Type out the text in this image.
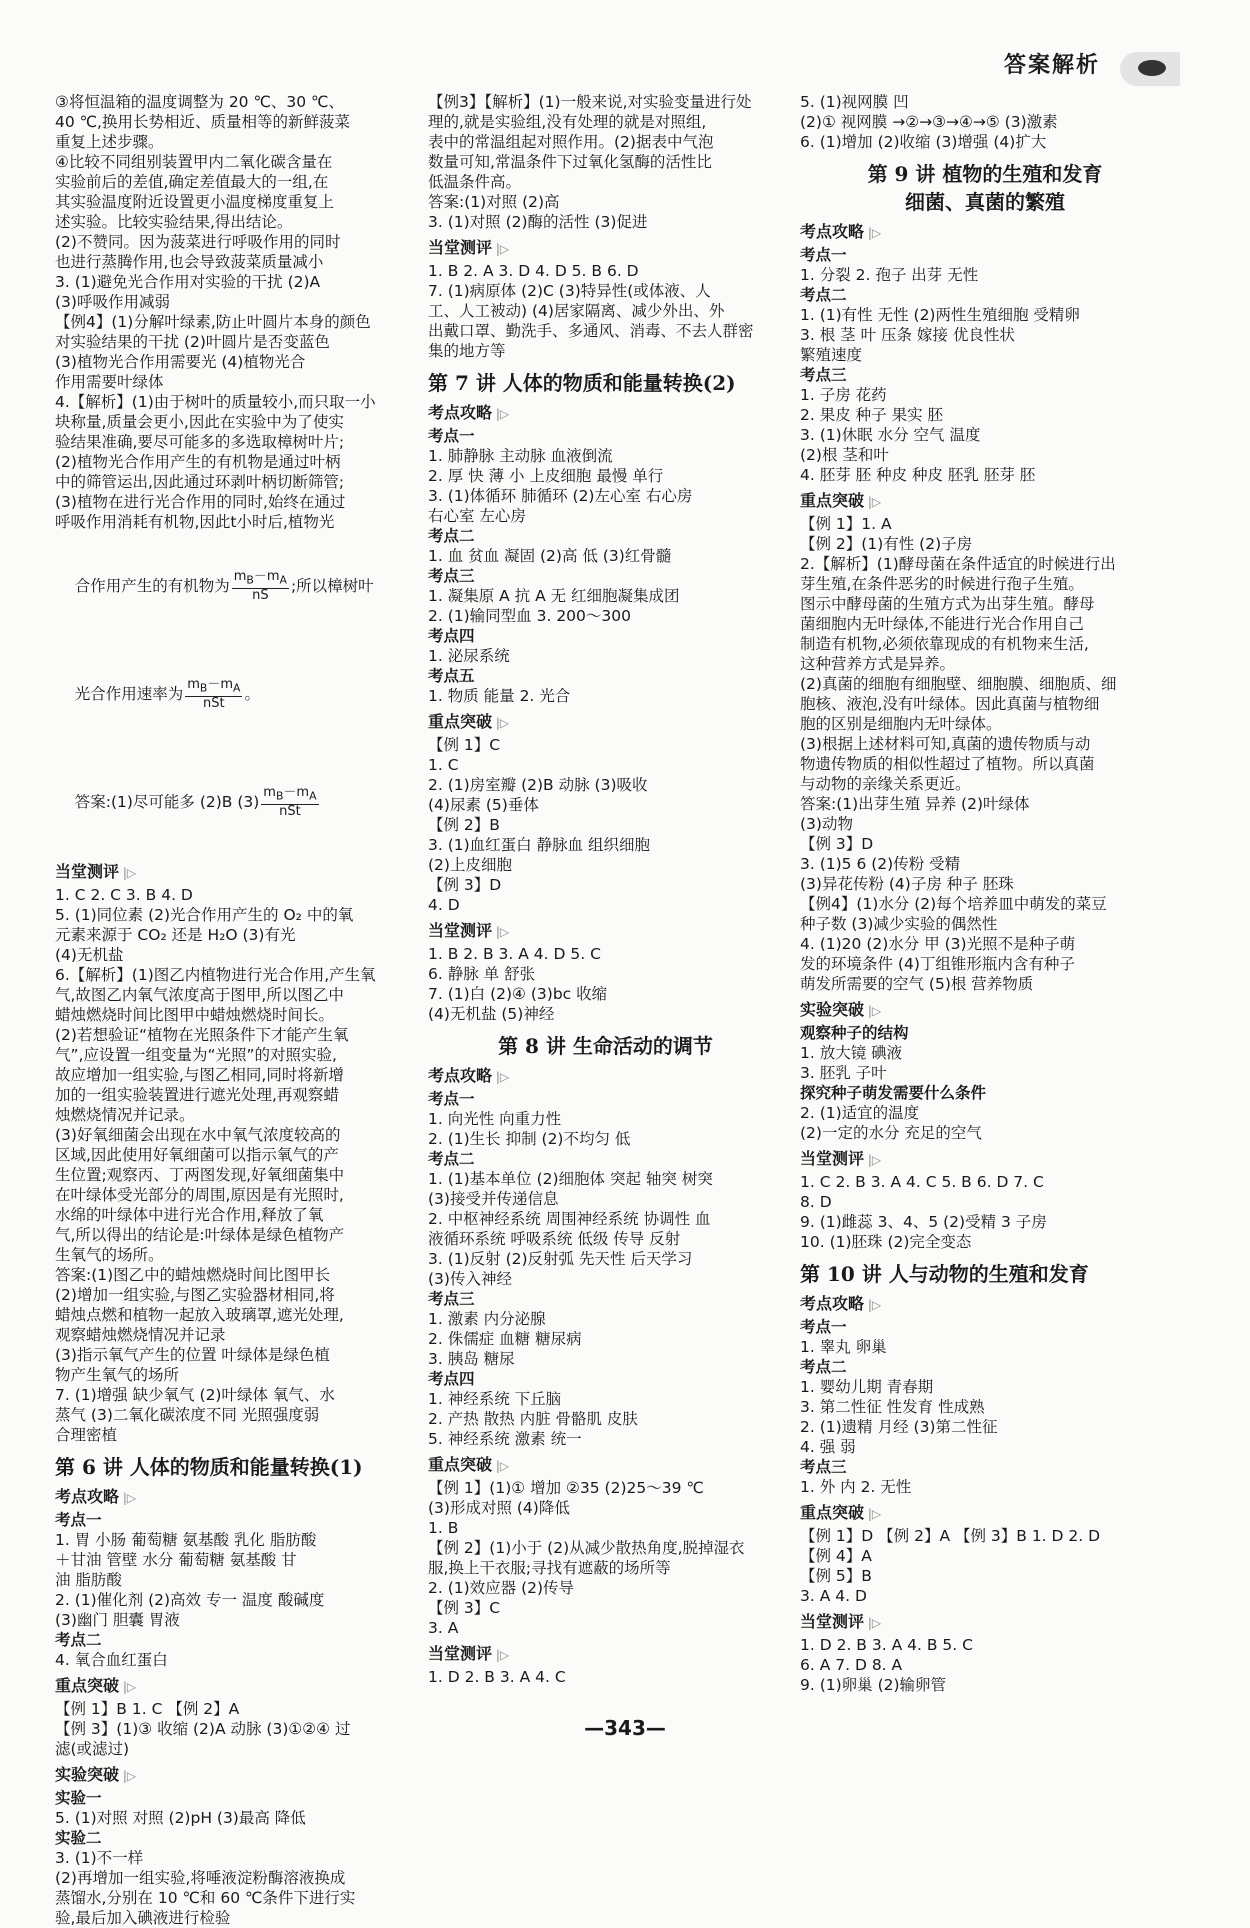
答案解析
③将恒温箱的温度调整为 20 ℃、30 ℃、
40 ℃,换用长势相近、质量相等的新鲜菠菜
重复上述步骤。
④比较不同组别装置甲内二氧化碳含量在
实验前后的差值,确定差值最大的一组,在
其实验温度附近设置更小温度梯度重复上
述实验。比较实验结果,得出结论。
(2)不赞同。因为菠菜进行呼吸作用的同时
也进行蒸腾作用,也会导致菠菜质量减小
3. (1)避免光合作用对实验的干扰 (2)A
(3)呼吸作用减弱
【例4】(1)分解叶绿素,防止叶圆片本身的颜色
对实验结果的干扰 (2)叶圆片是否变蓝色
(3)植物光合作用需要光 (4)植物光合
作用需要叶绿体
4.【解析】(1)由于树叶的质量较小,而只取一小
块称量,质量会更小,因此在实验中为了使实
验结果准确,要尽可能多的多选取樟树叶片;
(2)植物光合作用产生的有机物是通过叶柄
中的筛管运出,因此通过环剥叶柄切断筛管;
(3)植物在进行光合作用的同时,始终在通过
呼吸作用消耗有机物,因此t小时后,植物光

合作用产生的有机物为 $\frac{m_B-m_A}{nS}$ ;所以樟树叶

光合作用速率为 $\frac{m_B-m_A}{\text{nSt}}$ 。

答案:(1)尽可能多 (2)B $(3) \frac{m_B-m_A}{\text{nSt}}$

当堂测评 |▷
1. C 2. C 3. B 4. D
5. (1)同位素 (2)光合作用产生的 O₂ 中的氧
元素来源于 CO₂ 还是 H₂O (3)有光
(4)无机盐
6.【解析】(1)图乙内植物进行光合作用,产生氧
气,故图乙内氧气浓度高于图甲,所以图乙中
蜡烛燃烧时间比图甲中蜡烛燃烧时间长。
(2)若想验证“植物在光照条件下才能产生氧
气”,应设置一组变量为“光照”的对照实验,
故应增加一组实验,与图乙相同,同时将新增
加的一组实验装置进行遮光处理,再观察蜡
烛燃烧情况并记录。
(3)好氧细菌会出现在水中氧气浓度较高的
区域,因此使用好氧细菌可以指示氧气的产
生位置;观察丙、丁两图发现,好氧细菌集中
在叶绿体受光部分的周围,原因是有光照时,
水绵的叶绿体中进行光合作用,释放了氧
气,所以得出的结论是:叶绿体是绿色植物产
生氧气的场所。
答案:(1)图乙中的蜡烛燃烧时间比图甲长
(2)增加一组实验,与图乙实验器材相同,将
蜡烛点燃和植物一起放入玻璃罩,遮光处理,
观察蜡烛燃烧情况并记录
(3)指示氧气产生的位置 叶绿体是绿色植
物产生氧气的场所
7. (1)增强 缺少氧气 (2)叶绿体 氧气、水
蒸气 (3)二氧化碳浓度不同 光照强度弱
合理密植
第 6 讲 人体的物质和能量转换(1)
考点攻略 |▷
考点一
1. 胃 小肠 葡萄糖 氨基酸 乳化 脂肪酸
＋甘油 管壁 水分 葡萄糖 氨基酸 甘
油 脂肪酸
2. (1)催化剂 (2)高效 专一 温度 酸碱度
(3)幽门 胆囊 胃液
考点二
4. 氧合血红蛋白
重点突破 |▷
【例 1】B 1. C 【例 2】A
【例 3】(1)③ 收缩 (2)A 动脉 (3)①②④ 过
滤(或滤过)
实验突破 |▷
实验一
5. (1)对照 对照 (2)pH (3)最高 降低
实验二
3. (1)不一样
(2)再增加一组实验,将唾液淀粉酶溶液换成
蒸馏水,分别在 10 ℃和 60 ℃条件下进行实
验,最后加入碘液进行检验
【例3】【解析】(1)一般来说,对实验变量进行处
理的,就是实验组,没有处理的就是对照组,
表中的常温组起对照作用。(2)据表中气泡
数量可知,常温条件下过氧化氢酶的活性比
低温条件高。
答案:(1)对照 (2)高
3. (1)对照 (2)酶的活性 (3)促进
当堂测评 |▷
1. B 2. A 3. D 4. D 5. B 6. D
7. (1)病原体 (2)C (3)特异性(或体液、人
工、人工被动) (4)居家隔离、减少外出、外
出戴口罩、勤洗手、多通风、消毒、不去人群密
集的地方等
第 7 讲 人体的物质和能量转换(2)
考点攻略 |▷
考点一
1. 肺静脉 主动脉 血液倒流
2. 厚 快 薄 小 上皮细胞 最慢 单行
3. (1)体循环 肺循环 (2)左心室 右心房
右心室 左心房
考点二
1. 血 贫血 凝固 (2)高 低 (3)红骨髓
考点三
1. 凝集原 A 抗 A 无 红细胞凝集成团
2. (1)输同型血 3. 200～300
考点四
1. 泌尿系统
考点五
1. 物质 能量 2. 光合
重点突破 |▷
【例 1】C
1. C
2. (1)房室瓣 (2)B 动脉 (3)吸收
(4)尿素 (5)垂体
【例 2】B
3. (1)血红蛋白 静脉血 组织细胞
(2)上皮细胞
【例 3】D
4. D
当堂测评 |▷
1. B 2. B 3. A 4. D 5. C
6. 静脉 单 舒张
7. (1)白 (2)④ (3)bc 收缩
(4)无机盐 (5)神经
第 8 讲 生命活动的调节
考点攻略 |▷
考点一
1. 向光性 向重力性
2. (1)生长 抑制 (2)不均匀 低
考点二
1. (1)基本单位 (2)细胞体 突起 轴突 树突
(3)接受并传递信息
2. 中枢神经系统 周围神经系统 协调性 血
液循环系统 呼吸系统 低级 传导 反射
3. (1)反射 (2)反射弧 先天性 后天学习
(3)传入神经
考点三
1. 激素 内分泌腺
2. 侏儒症 血糖 糖尿病
3. 胰岛 糖尿
考点四
1. 神经系统 下丘脑
2. 产热 散热 内脏 骨骼肌 皮肤
5. 神经系统 激素 统一
重点突破 |▷
【例 1】(1)① 增加 ②35 (2)25～39 ℃
(3)形成对照 (4)降低
1. B
【例 2】(1)小于 (2)从减少散热角度,脱掉湿衣
服,换上干衣服;寻找有遮蔽的场所等
2. (1)效应器 (2)传导
【例 3】C
3. A
当堂测评 |▷
1. D 2. B 3. A 4. C
5. (1)视网膜 凹
(2)① 视网膜 →②→③→④→⑤ (3)激素
6. (1)增加 (2)收缩 (3)增强 (4)扩大
第 9 讲 植物的生殖和发育
细菌、真菌的繁殖
考点攻略 |▷
考点一
1. 分裂 2. 孢子 出芽 无性
考点二
1. (1)有性 无性 (2)两性生殖细胞 受精卵
3. 根 茎 叶 压条 嫁接 优良性状
繁殖速度
考点三
1. 子房 花药
2. 果皮 种子 果实 胚
3. (1)休眠 水分 空气 温度
(2)根 茎和叶
4. 胚芽 胚 种皮 种皮 胚乳 胚芽 胚
重点突破 |▷
【例 1】1. A
【例 2】(1)有性 (2)子房
2.【解析】(1)酵母菌在条件适宜的时候进行出
芽生殖,在条件恶劣的时候进行孢子生殖。
图示中酵母菌的生殖方式为出芽生殖。酵母
菌细胞内无叶绿体,不能进行光合作用自己
制造有机物,必须依靠现成的有机物来生活,
这种营养方式是异养。
(2)真菌的细胞有细胞壁、细胞膜、细胞质、细
胞核、液泡,没有叶绿体。因此真菌与植物细
胞的区别是细胞内无叶绿体。
(3)根据上述材料可知,真菌的遗传物质与动
物遗传物质的相似性超过了植物。所以真菌
与动物的亲缘关系更近。
答案:(1)出芽生殖 异养 (2)叶绿体
(3)动物
【例 3】D
3. (1)5 6 (2)传粉 受精
(3)异花传粉 (4)子房 种子 胚珠
【例4】(1)水分 (2)每个培养皿中萌发的菜豆
种子数 (3)减少实验的偶然性
4. (1)20 (2)水分 甲 (3)光照不是种子萌
发的环境条件 (4)丁组锥形瓶内含有种子
萌发所需要的空气 (5)根 营养物质
实验突破 |▷
观察种子的结构
1. 放大镜 碘液
3. 胚乳 子叶
探究种子萌发需要什么条件
2. (1)适宜的温度
(2)一定的水分 充足的空气
当堂测评 |▷
1. C 2. B 3. A 4. C 5. B 6. D 7. C
8. D
9. (1)雌蕊 3、4、5 (2)受精 3 子房
10. (1)胚珠 (2)完全变态
第 10 讲 人与动物的生殖和发育
考点攻略 |▷
考点一
1. 睾丸 卵巢
考点二
1. 婴幼儿期 青春期
3. 第二性征 性发育 性成熟
2. (1)遗精 月经 (3)第二性征
4. 强 弱
考点三
1. 外 内 2. 无性
重点突破 |▷
【例 1】D 【例 2】A 【例 3】B 1. D 2. D
【例 4】A
【例 5】B
3. A 4. D
当堂测评 |▷
1. D 2. B 3. A 4. B 5. C
6. A 7. D 8. A
9. (1)卵巢 (2)输卵管
—343—
